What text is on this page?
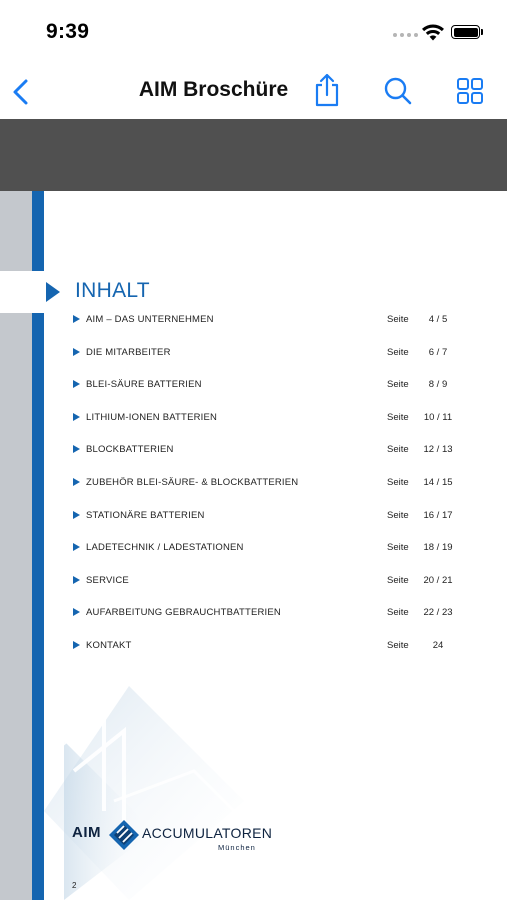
9:39
AIM Broschüre
INHALT
AIM – DAS UNTERNEHMEN	Seite	4 / 5
DIE MITARBEITER	Seite	6 / 7
BLEI-SÄURE BATTERIEN	Seite	8 / 9
LITHIUM-IONEN BATTERIEN	Seite	10 / 11
BLOCKBATTERIEN	Seite	12 / 13
ZUBEHÖR BLEI-SÄURE- & BLOCKBATTERIEN	Seite	14 / 15
STATIONÄRE BATTERIEN	Seite	16 / 17
LADETECHNIK / LADESTATIONEN	Seite	18 / 19
SERVICE	Seite	20 / 21
AUFARBEITUNG GEBRAUCHTBATTERIEN	Seite	22 / 23
KONTAKT	Seite	24
AIM	ACCUMULATOREN
München
2
